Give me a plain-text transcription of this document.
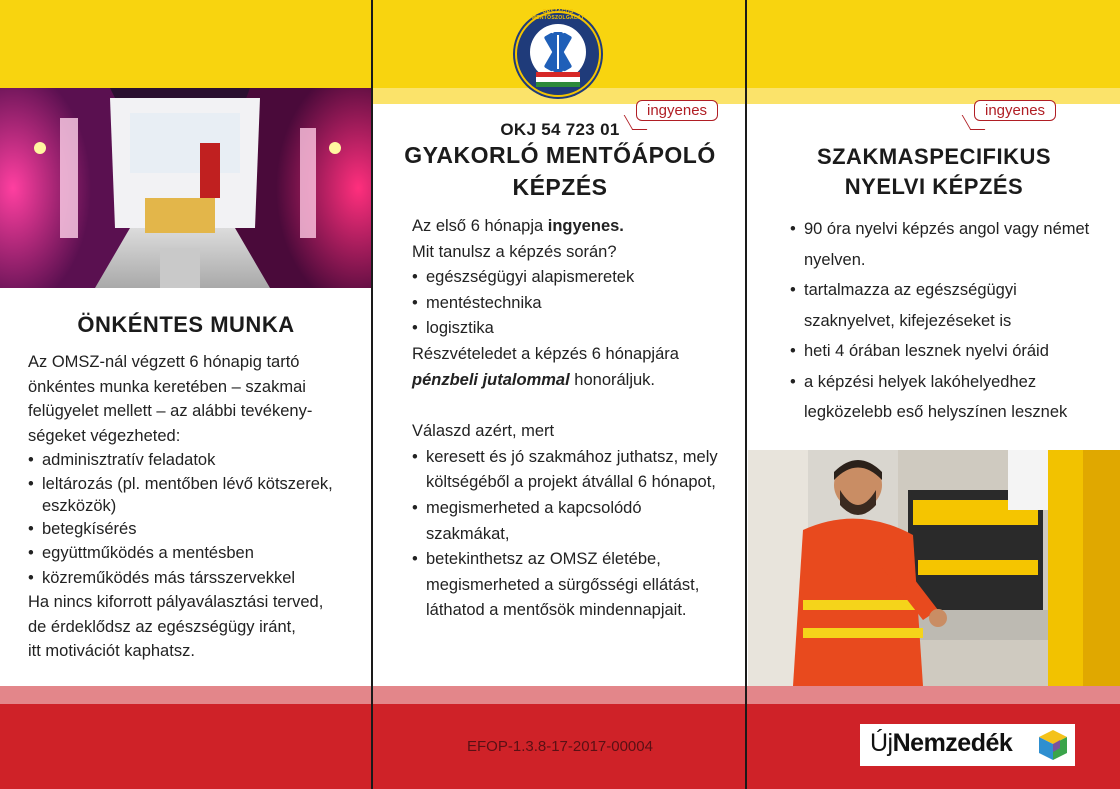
ÖNKÉNTES MUNKA

Az OMSZ-nál végzett 6 hónapig tartó

önkéntes munka keretében – szakmai

felügyelet mellett – az alábbi tevékeny-

ségeket végezheted:

• adminisztratív feladatok
• leltározás (pl. mentőben lévő kötszerek, eszközök)
• betegkísérés
• együttműködés a mentésben
• közreműködés más társszervekkel

Ha nincs kiforrott pályaválasztási terved,

de érdeklődsz az egészségügy iránt,

itt motivációt kaphatsz.

ORSZÁGOS MENTŐSZOLGÁLAT
ingyenes
OKJ 54 723 01
GYAKORLÓ MENTŐÁPOLÓ
KÉPZÉS

Az első 6 hónapja ingyenes.

Mit tanulsz a képzés során?

• egészségügyi alapismeretek
• mentéstechnika
• logisztika

Részvételedet a képzés 6 hónapjára

pénzbeli jutalommal honoráljuk.

Válaszd azért, mert

• keresett és jó szakmához juthatsz, mely költségéből a projekt átvállal 6 hónapot,
• megismerheted a kapcsolódó szakmákat,
• betekinthetsz az OMSZ életébe, megismerheted a sürgősségi ellátást, láthatod a mentősök mindennapjait.
EFOP-1.3.8-17-2017-00004
ingyenes
SZAKMASPECIFIKUS
NYELVI KÉPZÉS
• 90 óra nyelvi képzés angol vagy német nyelven.
• tartalmazza az egészségügyi szaknyelvet, kifejezéseket is
• heti 4 órában lesznek nyelvi óráid
• a képzési helyek lakóhelyedhez legközelebb eső helyszínen lesznek
ÚjNemzedék
